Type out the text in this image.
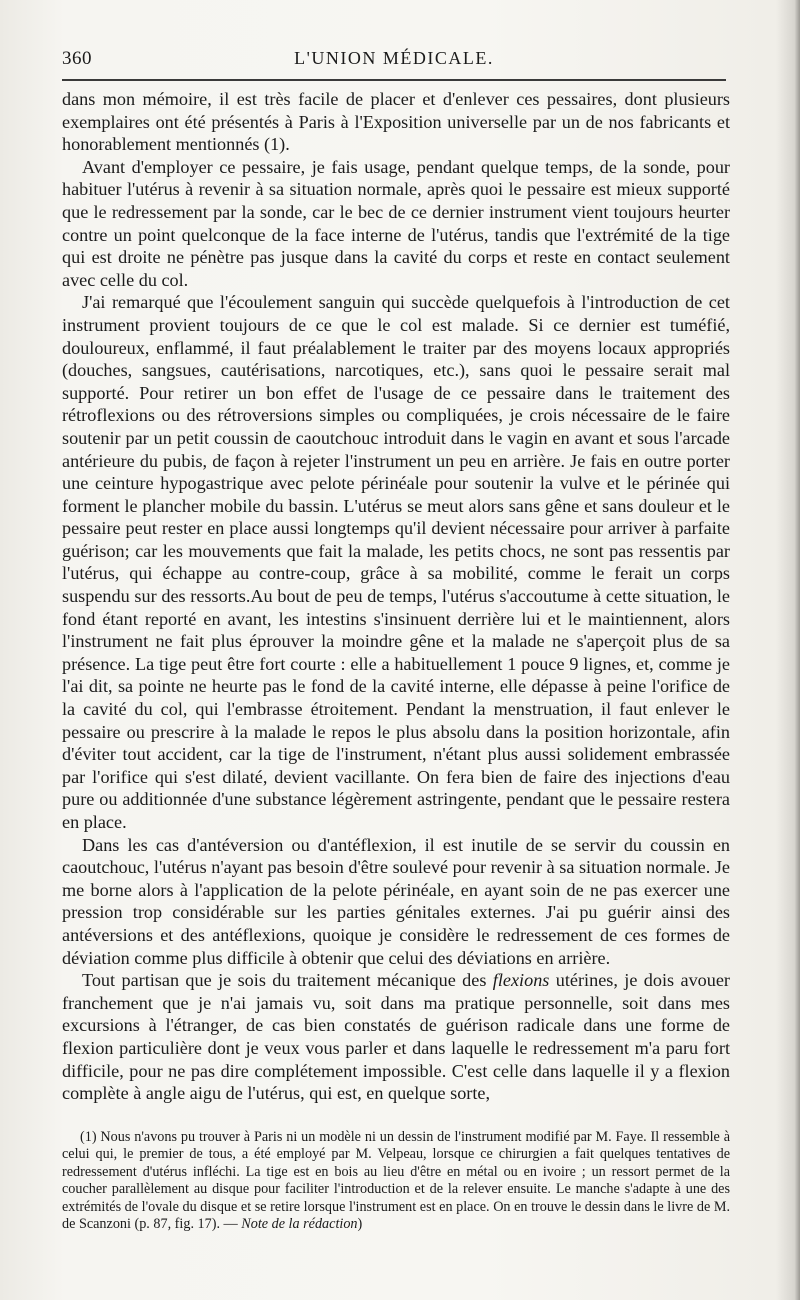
360	L'UNION MÉDICALE.

dans mon mémoire, il est très facile de placer et d'enlever ces pessaires, dont plusieurs exemplaires ont été présentés à Paris à l'Exposition universelle par un de nos fabricants et honorablement mentionnés (1).

Avant d'employer ce pessaire, je fais usage, pendant quelque temps, de la sonde, pour habituer l'utérus à revenir à sa situation normale, après quoi le pessaire est mieux supporté que le redressement par la sonde, car le bec de ce dernier instrument vient toujours heurter contre un point quelconque de la face interne de l'utérus, tandis que l'extrémité de la tige qui est droite ne pénètre pas jusque dans la cavité du corps et reste en contact seulement avec celle du col.

J'ai remarqué que l'écoulement sanguin qui succède quelquefois à l'introduction de cet instrument provient toujours de ce que le col est malade. Si ce dernier est tuméfié, douloureux, enflammé, il faut préalablement le traiter par des moyens locaux appropriés (douches, sangsues, cautérisations, narcotiques, etc.), sans quoi le pessaire serait mal supporté. Pour retirer un bon effet de l'usage de ce pessaire dans le traitement des rétroflexions ou des rétroversions simples ou compliquées, je crois nécessaire de le faire soutenir par un petit coussin de caoutchouc introduit dans le vagin en avant et sous l'arcade antérieure du pubis, de façon à rejeter l'instrument un peu en arrière. Je fais en outre porter une ceinture hypogastrique avec pelote périnéale pour soutenir la vulve et le périnée qui forment le plancher mobile du bassin. L'utérus se meut alors sans gêne et sans douleur et le pessaire peut rester en place aussi longtemps qu'il devient nécessaire pour arriver à parfaite guérison; car les mouvements que fait la malade, les petits chocs, ne sont pas ressentis par l'utérus, qui échappe au contre-coup, grâce à sa mobilité, comme le ferait un corps suspendu sur des ressorts.Au bout de peu de temps, l'utérus s'accoutume à cette situation, le fond étant reporté en avant, les intestins s'insinuent derrière lui et le maintiennent, alors l'instrument ne fait plus éprouver la moindre gêne et la malade ne s'aperçoit plus de sa présence. La tige peut être fort courte : elle a habituellement 1 pouce 9 lignes, et, comme je l'ai dit, sa pointe ne heurte pas le fond de la cavité interne, elle dépasse à peine l'orifice de la cavité du col, qui l'embrasse étroitement. Pendant la menstruation, il faut enlever le pessaire ou prescrire à la malade le repos le plus absolu dans la position horizontale, afin d'éviter tout accident, car la tige de l'instrument, n'étant plus aussi solidement embrassée par l'orifice qui s'est dilaté, devient vacillante. On fera bien de faire des injections d'eau pure ou additionnée d'une substance légèrement astringente, pendant que le pessaire restera en place.

Dans les cas d'antéversion ou d'antéflexion, il est inutile de se servir du coussin en caoutchouc, l'utérus n'ayant pas besoin d'être soulevé pour revenir à sa situation normale. Je me borne alors à l'application de la pelote périnéale, en ayant soin de ne pas exercer une pression trop considérable sur les parties génitales externes. J'ai pu guérir ainsi des antéversions et des antéflexions, quoique je considère le redressement de ces formes de déviation comme plus difficile à obtenir que celui des déviations en arrière.

Tout partisan que je sois du traitement mécanique des flexions utérines, je dois avouer franchement que je n'ai jamais vu, soit dans ma pratique personnelle, soit dans mes excursions à l'étranger, de cas bien constatés de guérison radicale dans une forme de flexion particulière dont je veux vous parler et dans laquelle le redressement m'a paru fort difficile, pour ne pas dire complétement impossible. C'est celle dans laquelle il y a flexion complète à angle aigu de l'utérus, qui est, en quelque sorte,

(1) Nous n'avons pu trouver à Paris ni un modèle ni un dessin de l'instrument modifié par M. Faye. Il ressemble à celui qui, le premier de tous, a été employé par M. Velpeau, lorsque ce chirurgien a fait quelques tentatives de redressement d'utérus infléchi. La tige est en bois au lieu d'être en métal ou en ivoire ; un ressort permet de la coucher parallèlement au disque pour faciliter l'introduction et de la relever ensuite. Le manche s'adapte à une des extrémités de l'ovale du disque et se retire lorsque l'instrument est en place. On en trouve le dessin dans le livre de M. de Scanzoni (p. 87, fig. 17). — Note de la rédaction)
